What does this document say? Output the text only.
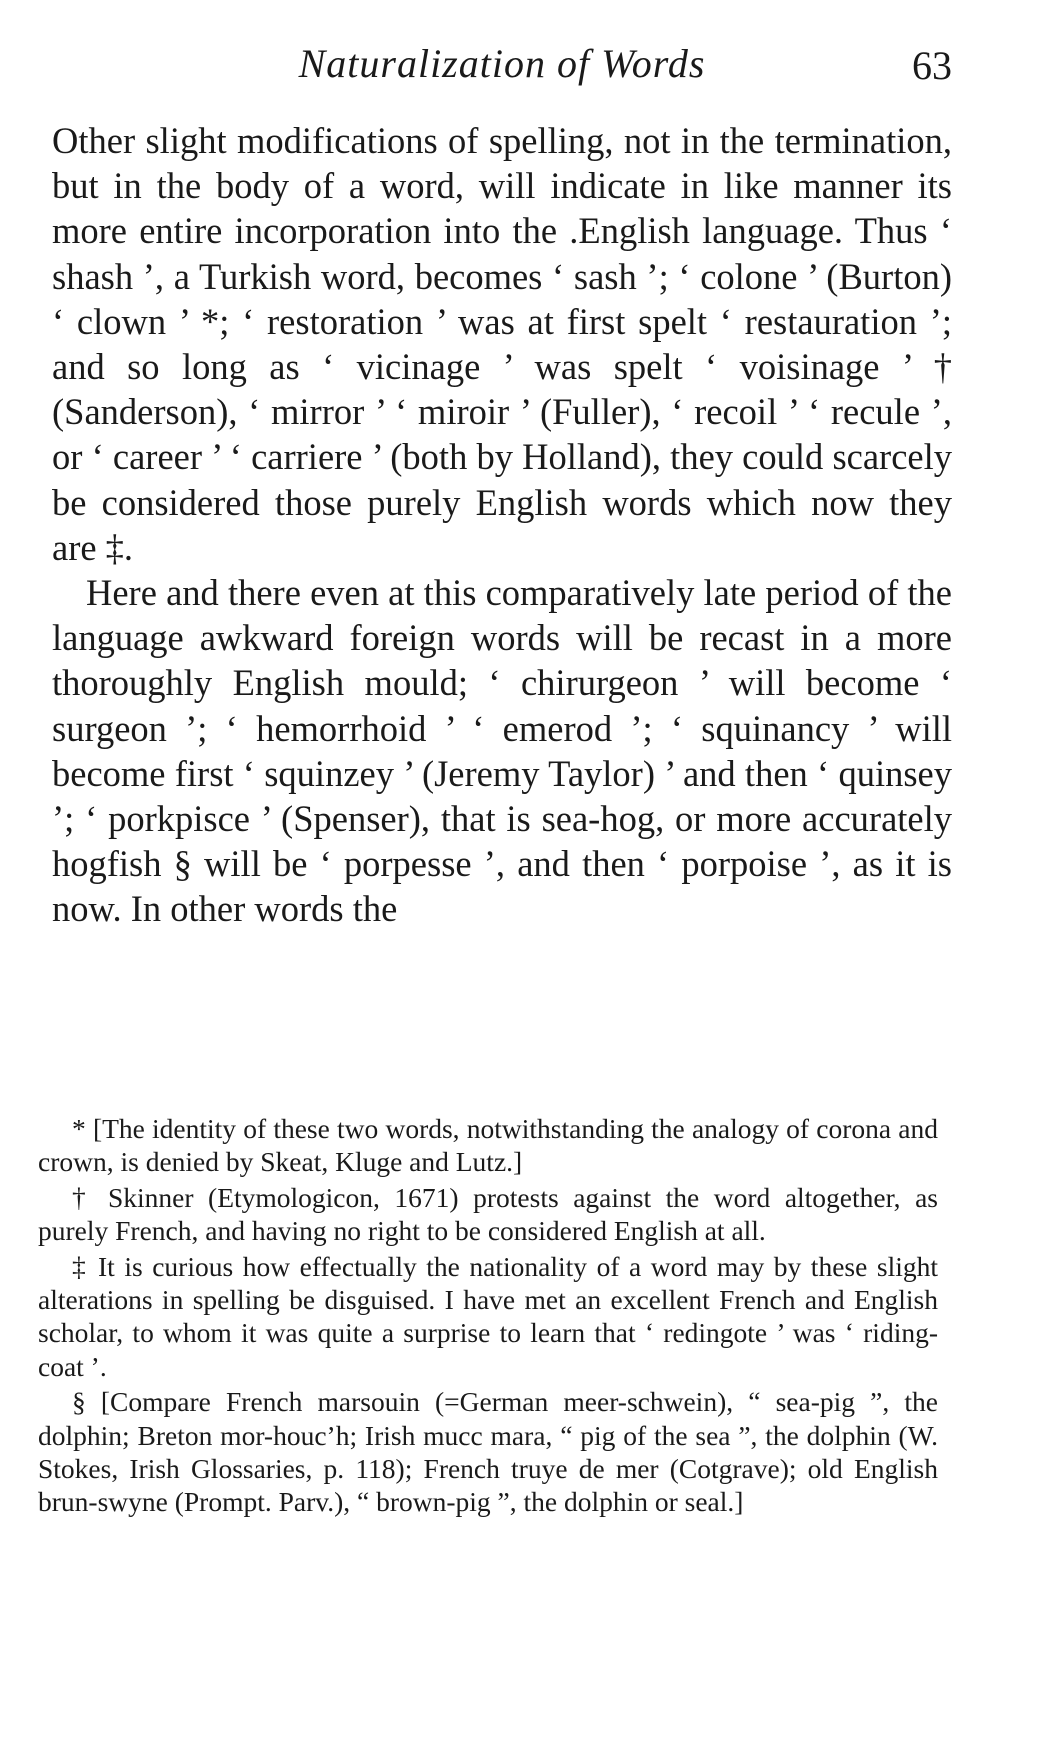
Naturalization of Words	63

Other slight modifications of spelling, not in the termination, but in the body of a word, will indicate in like manner its more entire incorporation into the .English language. Thus ‘ shash ’, a Turkish word, becomes ‘ sash ’; ‘ colone ’ (Burton) ‘ clown ’ *; ‘ restoration ’ was at first spelt ‘ restauration ’; and so long as ‘ vicinage ’ was spelt ‘ voisinage ’ † (Sanderson), ‘ mirror ’ ‘ miroir ’ (Fuller), ‘ recoil ’ ‘ recule ’, or ‘ career ’ ‘ carriere ’ (both by Holland), they could scarcely be considered those purely English words which now they are ‡.

Here and there even at this comparatively late period of the language awkward foreign words will be recast in a more thoroughly English mould; ‘ chirurgeon ’ will become ‘ surgeon ’; ‘ hemorrhoid ’ ‘ emerod ’; ‘ squinancy ’ will become first ‘ squinzey ’ (Jeremy Taylor) ’ and then ‘ quinsey ’; ‘ porkpisce ’ (Spenser), that is sea-hog, or more accurately hogfish § will be ‘ porpesse ’, and then ‘ porpoise ’, as it is now. In other words the

* [The identity of these two words, notwithstanding the analogy of corona and crown, is denied by Skeat, Kluge and Lutz.]

† Skinner (Etymologicon, 1671) protests against the word altogether, as purely French, and having no right to be considered English at all.

‡ It is curious how effectually the nationality of a word may by these slight alterations in spelling be disguised. I have met an excellent French and English scholar, to whom it was quite a surprise to learn that ‘ redingote ’ was ‘ riding-coat ’.

§ [Compare French marsouin (=German meer-schwein), “ sea-pig ”, the dolphin; Breton mor-houc’h; Irish mucc mara, “ pig of the sea ”, the dolphin (W. Stokes, Irish Glossaries, p. 118); French truye de mer (Cotgrave); old English brun-swyne (Prompt. Parv.), “ brown-pig ”, the dolphin or seal.]
